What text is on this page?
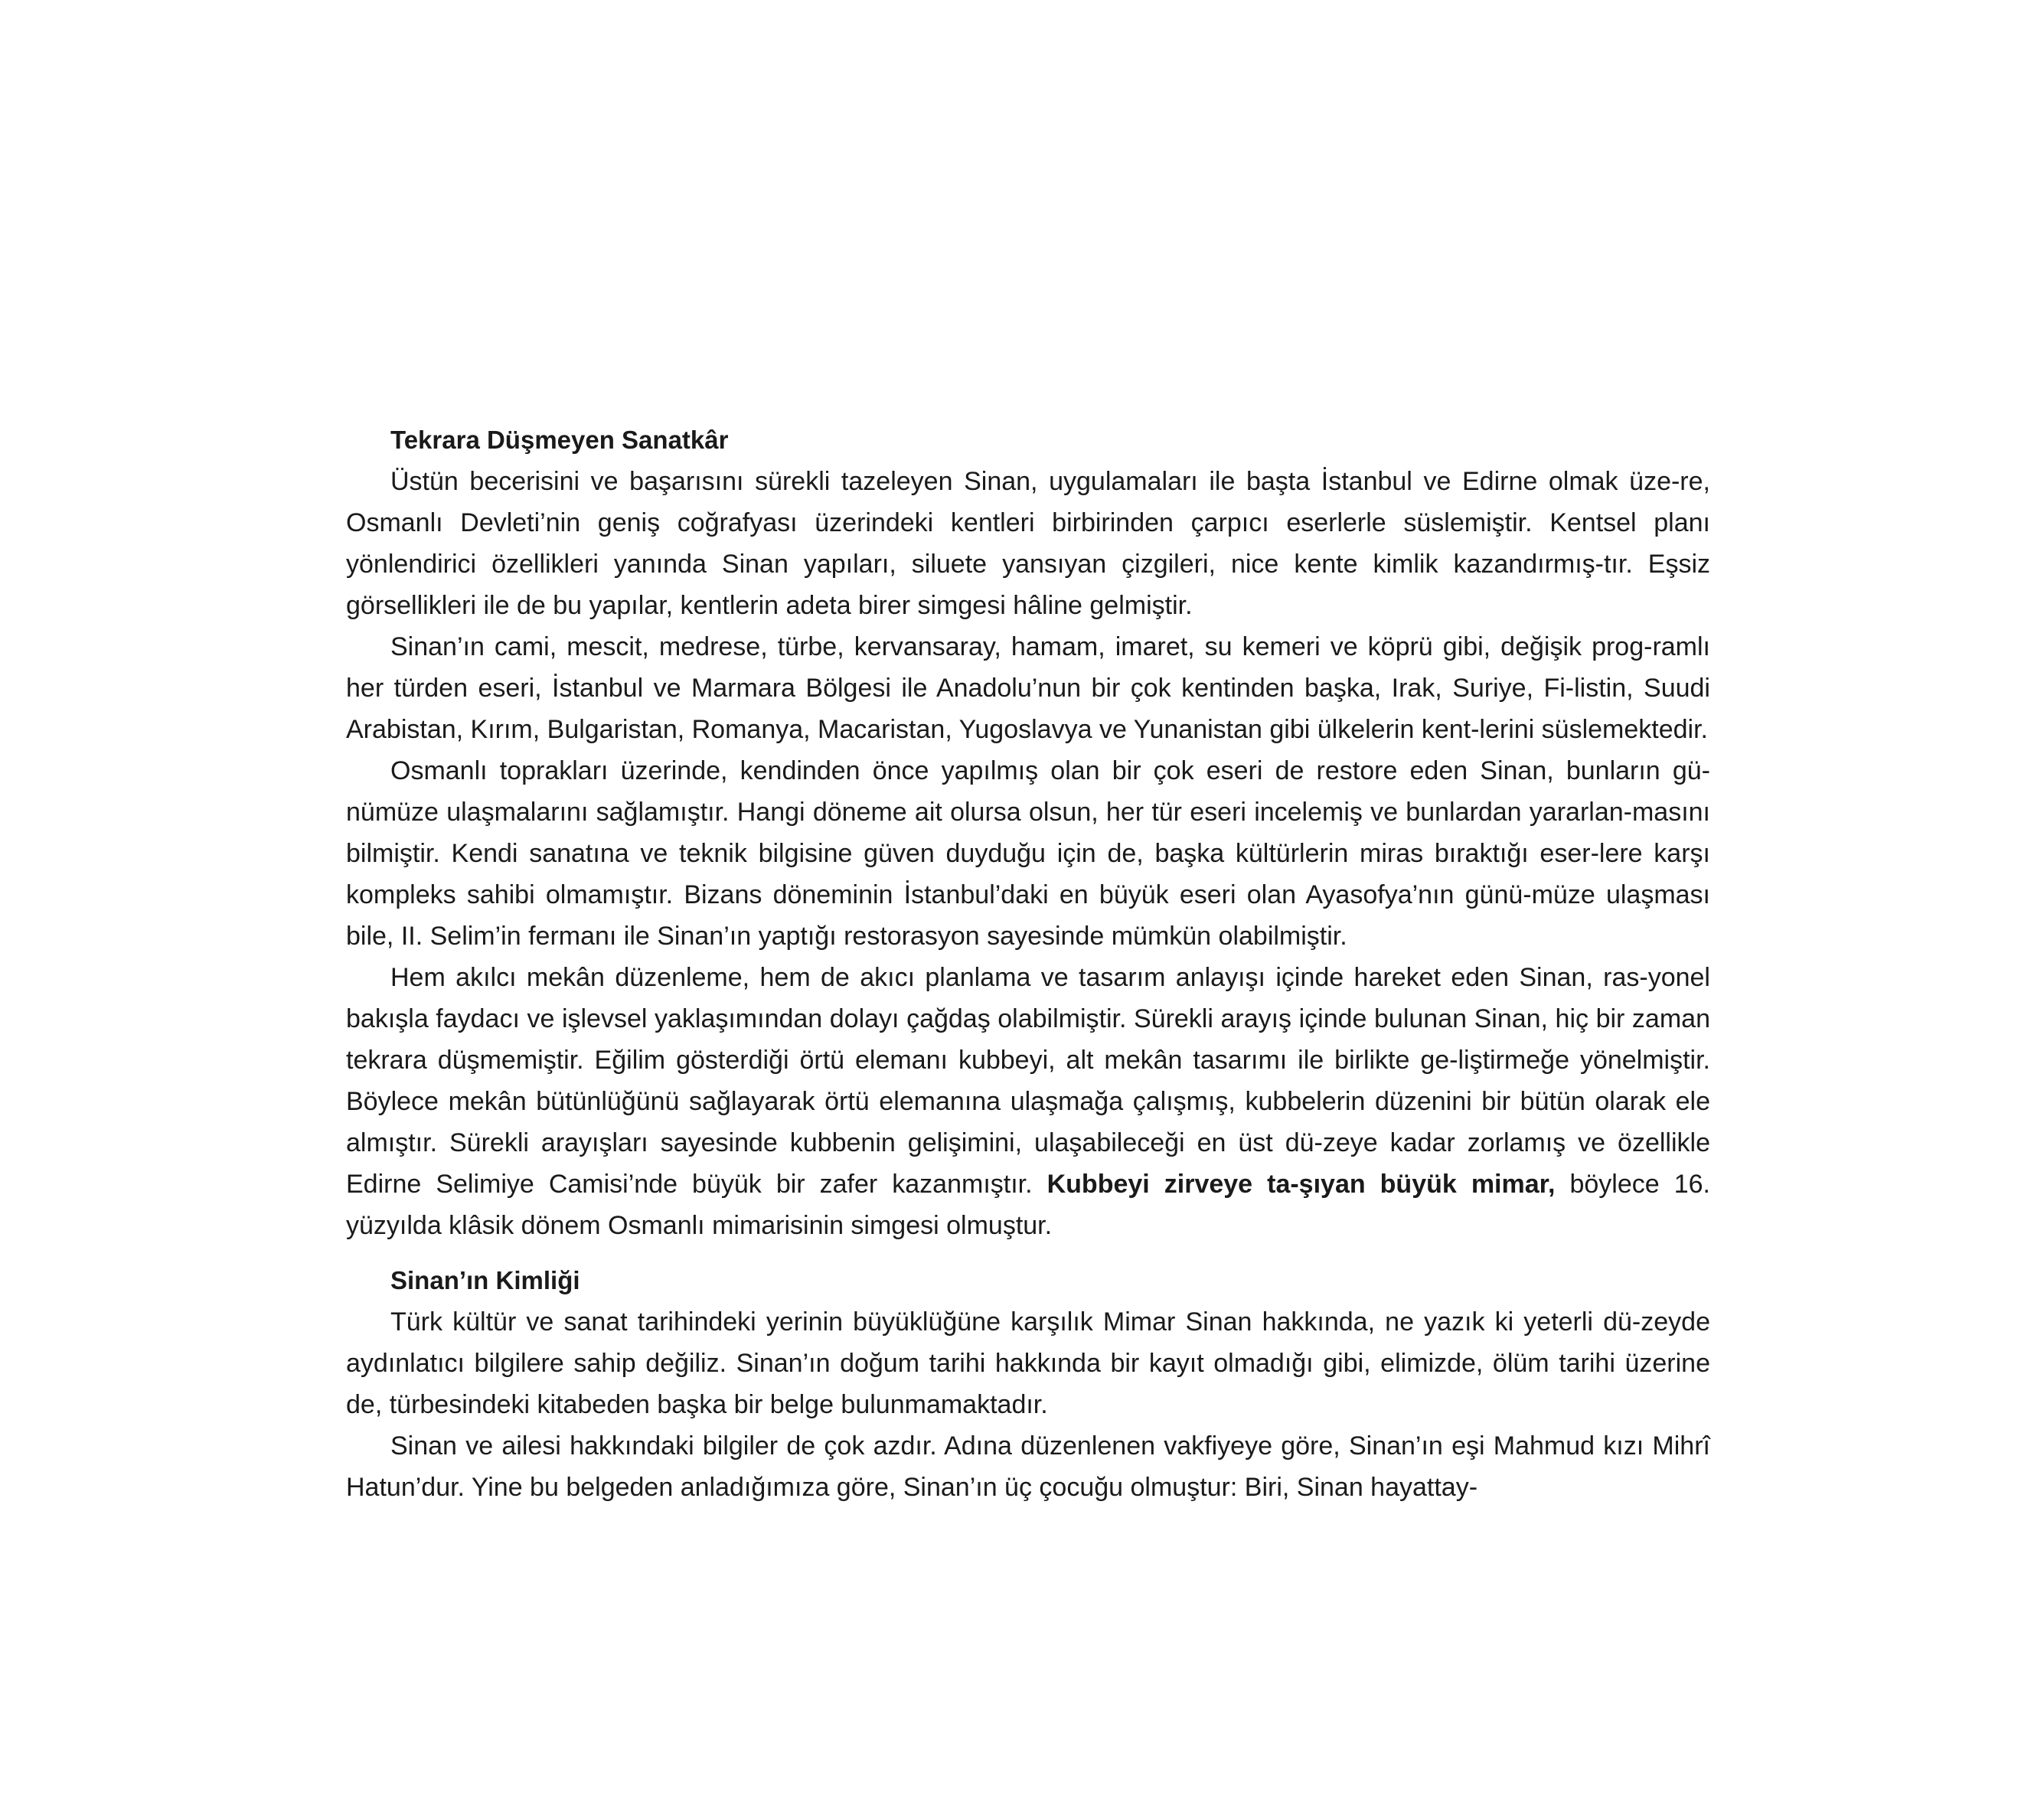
Tekrara Düşmeyen Sanatkâr

Üstün becerisini ve başarısını sürekli tazeleyen Sinan, uygulamaları ile başta İstanbul ve Edirne olmak üze-re, Osmanlı Devleti’nin geniş coğrafyası üzerindeki kentleri birbirinden çarpıcı eserlerle süslemiştir. Kentsel planı yönlendirici özellikleri yanında Sinan yapıları, siluete yansıyan çizgileri, nice kente kimlik kazandırmış-tır. Eşsiz görsellikleri ile de bu yapılar, kentlerin adeta birer simgesi hâline gelmiştir.

Sinan’ın cami, mescit, medrese, türbe, kervansaray, hamam, imaret, su kemeri ve köprü gibi, değişik prog-ramlı her türden eseri, İstanbul ve Marmara Bölgesi ile Anadolu’nun bir çok kentinden başka, Irak, Suriye, Fi-listin, Suudi Arabistan, Kırım, Bulgaristan, Romanya, Macaristan, Yugoslavya ve Yunanistan gibi ülkelerin kent-lerini süslemektedir.

Osmanlı toprakları üzerinde, kendinden önce yapılmış olan bir çok eseri de restore eden Sinan, bunların gü-nümüze ulaşmalarını sağlamıştır. Hangi döneme ait olursa olsun, her tür eseri incelemiş ve bunlardan yararlan-masını bilmiştir. Kendi sanatına ve teknik bilgisine güven duyduğu için de, başka kültürlerin miras bıraktığı eser-lere karşı kompleks sahibi olmamıştır. Bizans döneminin İstanbul’daki en büyük eseri olan Ayasofya’nın günü-müze ulaşması bile, II. Selim’in fermanı ile Sinan’ın yaptığı restorasyon sayesinde mümkün olabilmiştir.

Hem akılcı mekân düzenleme, hem de akıcı planlama ve tasarım anlayışı içinde hareket eden Sinan, ras-yonel bakışla faydacı ve işlevsel yaklaşımından dolayı çağdaş olabilmiştir. Sürekli arayış içinde bulunan Sinan, hiç bir zaman tekrara düşmemiştir. Eğilim gösterdiği örtü elemanı kubbeyi, alt mekân tasarımı ile birlikte ge-liştirmeğe yönelmiştir. Böylece mekân bütünlüğünü sağlayarak örtü elemanına ulaşmağa çalışmış, kubbelerin düzenini bir bütün olarak ele almıştır. Sürekli arayışları sayesinde kubbenin gelişimini, ulaşabileceği en üst dü-zeye kadar zorlamış ve özellikle Edirne Selimiye Camisi’nde büyük bir zafer kazanmıştır. Kubbeyi zirveye ta-şıyan büyük mimar, böylece 16. yüzyılda klâsik dönem Osmanlı mimarisinin simgesi olmuştur.

Sinan’ın Kimliği

Türk kültür ve sanat tarihindeki yerinin büyüklüğüne karşılık Mimar Sinan hakkında, ne yazık ki yeterli dü-zeyde aydınlatıcı bilgilere sahip değiliz. Sinan’ın doğum tarihi hakkında bir kayıt olmadığı gibi, elimizde, ölüm tarihi üzerine de, türbesindeki kitabeden başka bir belge bulunmamaktadır.

Sinan ve ailesi hakkındaki bilgiler de çok azdır. Adına düzenlenen vakfiyeye göre, Sinan’ın eşi Mahmud kızı Mihrî Hatun’dur. Yine bu belgeden anladığımıza göre, Sinan’ın üç çocuğu olmuştur: Biri, Sinan hayattay-
